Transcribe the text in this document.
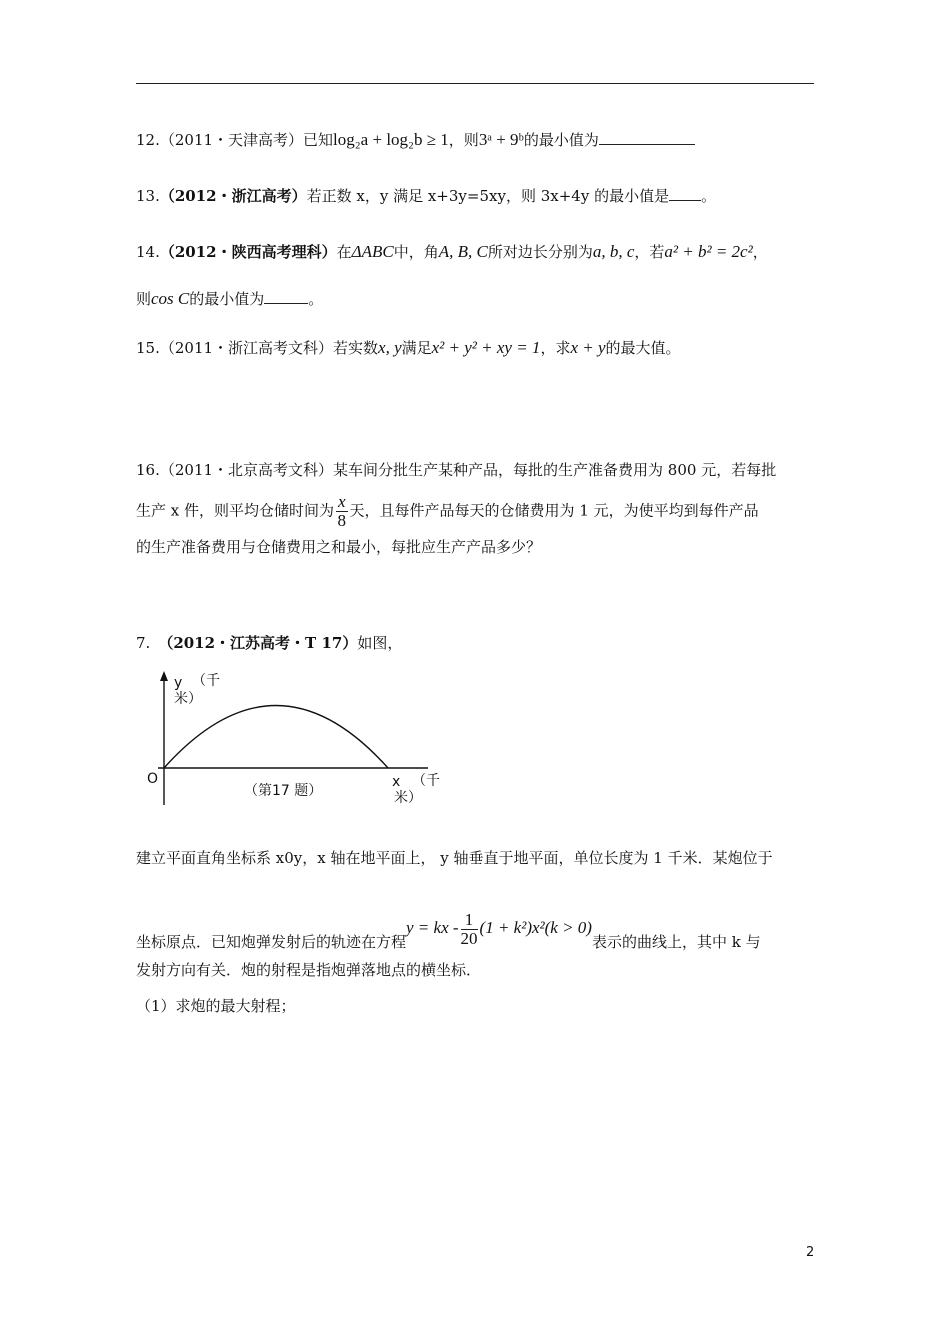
12.（2011・天津高考）已知log₂a + log₂b ≥ 1，则3ᵃ + 9ᵇ的最小值为
13.（2012・浙江高考）若正数 x，y 满足 x+3y=5xy，则 3x+4y 的最小值是 。
14.（2012・陕西高考理科）在ΔABC中，角A, B, C所对边长分别为a, b, c，若a² + b² = 2c²，
则cos C的最小值为	。
15.（2011・浙江高考文科）若实数x, y满足x² + y² + xy = 1，求x + y的最大值。
16.（2011・北京高考文科）某车间分批生产某种产品，每批的生产准备费用为 800 元，若每批
生产 x 件，则平均仓储时间为 $\frac{x}{8}$ 天，且每件产品每天的仓储费用为 1 元，为使平均到每件产品
的生产准备费用与仓储费用之和最小，每批应生产产品多少？
7. （2012・江苏高考・T 17）如图，
y （千
米）
O
（第17 题）
x （千
米）
建立平面直角坐标系 x0y，x 轴在地平面上， y 轴垂直于地平面，单位长度为 1 千米．某炮位于
坐标原点．已知炮弹发射后的轨迹在方程y = kx - $\frac{1}{20} (1 + k^2)x^2(k > 0)$表示的曲线上，其中 k 与
发射方向有关．炮的射程是指炮弹落地点的横坐标．
（1）求炮的最大射程；
2
